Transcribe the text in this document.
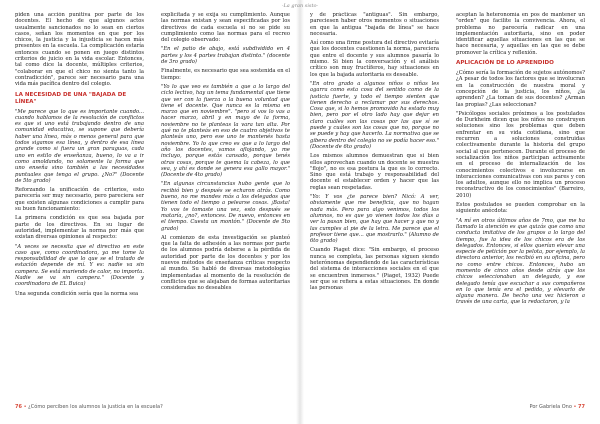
-La gran sisto-

piden una acción punitiva por parte de los docentes. El hecho de que algunos actos usualmente sancionados no lo sean en ciertos casos, señan los momentos en que por los chicos, la justicia y la injusticia se hacen más presentes en la escuela. La complicación estaría entonces cuando se ponen en juego distintos criterios de juicio en la vida escolar. Entonces, tal como dice la docente, múltiples criterios, "colaborar en que el chico no sienta tanto la contradicción", parece ser necesario para una vida más pacífica dentro del colegio.

LA NECESIDAD DE UNA "BAJADA DE LÍNEA"

"Me parece que lo que es importante cuando... cuando hablamos de la resolución de conflictos es que si uno está trabajando dentro de una comunidad educativa, se supone que debería haber una línea, más o menos general para que todos sigamos esa línea, y dentro de esa línea grande como si fuera un gran paraguas, cada uno en estilo de enseñanza, bueno, lo va a ir como amoldando, no solamente la forma que uno enseña sino también a las necesidades puntuales que tenga el grupo. ¿No?" (Docente de 5to grado)

Reforzando la unificación de criterios, esto parecería ser muy necesario, pero pareciera ser que existen algunas condiciones a cumplir para su buen funcionamiento:

La primera condición es que sea bajada por parte de los directivos. En su lugar de autoridad, implementar la norma por más que existan diversas opiniones al respecto:

"A veces se necesita que el directivo en este caso que, como coordinadora, ya me tome la responsabilidad de que lo que se el tratado de estación depende de mí. Y es: nadie va sin campera. Se está muriendo de calor, no importa. Nadie se va sin campera." (Docente y coordinadora de EL Buica)

Una segunda condición sería que la norma sea

explicitada y se exija su cumplimiento. Aunque las normas existan y sean especificadas por los directivos de cada escuela si no se pide su cumplimiento como las normas para el recreo del colegio observado:

"En el patio de abajo, está subdividido en 4 partes y los 4 partes trabajan distinto." (docente de 3ro grado)

Finalmente, es necesario que sea sostenida en el tiempo:

"Yo lo que veo es también a que a lo largo del ciclo lectivo, hay un tema fundamental que tiene que ver con la fuerza o la buena voluntad que tiene el docente. Que nunca es la misma en marzo que en noviembre". "pero si vos lo vas a hacer marzo, abril y en mayo de la forma, noviembre no te planteas la vara tan alta. Por qué no te planteás en eso de cuatro objetivos te planteás uno, pero ese uno te mantenés hasta noviembre. Yo lo que creo es que a lo largo del año los docentes, vamos aflojando, yo me incluyo, porque estás cansado, porque tenés otras cosas, porque te quema la cabeza, lo que sea, y ahí es donde se genera esa gallo mayor." (Docente de 4to grado)

"En algunas circunstancias hubo gente que lo recibió bien y después se echaron atrás. Como bueno, no me mandes más a los delegados que tienen todo el tiempo a pelearse cosas. ¡Basta! Yo vos te tomaste una vez, esto después se mataría, ¿no?, entonces. De nuevo, entonces en el tiempo. Cuesta un montón." (Docente de 5to grado)

Al comienzo de esta investigación se planteó que la falta de adhesión a las normas por parte de los alumnos podría deberse a la pérdida de autoridad por parte de los docentes y por los nuevos métodos de enseñanza críticas respecto al mundo. Su habló de diversas metodologías implementadas al momento de la resolución de conflictos que se alejaban de formas autoritarias consideradas no deseables

y de prácticas "antiguas". Sin embargo, pareciesen haber otros momentos o situaciones en que la antigua "bajada de línea" se hace necesaria.

Así como una firme postura del directivo evitaría que los docentes cuestionen la norma, pareciera que entre el docente y sus alumnos pasaría lo mismo. Si bien la conversación y el análisis crítico son muy fructíferos, hay situaciones en los que la bajada autoritaria es deseable.

"En otro grado a algunos niños o niñas les agarra como esta cosa del sentido como de la justicia fuerte, y todo el tiempo sienten que tienen derecho a reclamar por sus derechos. Cosa que, si lo hemos promovido ha estado muy bien, pero por el otro lado hay que dejar en claro cuáles son las cosas por las que sí se puede y cuáles son las cosas que no, porque no se puede y hay que hacerlo. La normativa que se gibera dentro del colegio no se podía hacer eso." (Docente de 6to grado)

Los mismos alumnos demuestran que si bien ellos aprovechan cuando un docente se muestra "flojo", no es esa postura la que es lo correcto. Sino que está trabajo y responsabilidad del docente el establecer orden y hacer que las reglas sean respetadas.

"Yo: Y vos ¿te parece bien? Nicó: A ver, obviamente que me beneficia, que no hagan nada más. Pero para algo venimos, todos los alumnos, no es que yo vienen todos los días a ver la pasan bien, que hay que hacer y que no y las cumples al pie de la letra. Me parece que el profesor tiene que... que mostrarlo." (Alumno de 6to grado)

Cuando Piaget dice: "Sin embargo, el proceso nunca se completa, las personas siguen siendo heterónomas dependiendo de las características del sistema de interacciones sociales en el que se encuentren inmersos." (Piaget, 1932) Puede ser que se refiera a estas situaciones. En donde las personas

aceptan la heteronomía en pos de mantener un "orden" que facilite la convivencia. Ahora, el problema no parecería radicar en una implementación autoritaria, sino en poder identificar aquellas situaciones en las que se hace necesaria, y aquellas en las que se debe promover la crítica y reflexión.

APLICACIÓN DE LO APRENDIDO

¿Cómo sería la formación de sujetos autónomos? ¿A pesar de todos los factores que se involucran en la construcción de nuestra moral y concepción de la justicia, los niños, ¿la aprenden? ¿La toman de sus docentes? ¿Arman las propias? ¿Las seleccionan?

"Psicólogos sociales próximos a los postulados de Durkheim dicen que los niños no construyen soluciones sino los problemas que deben enfrentar en su vida cotidiana, sino que recurren a soluciones construidas colectivamente durante la historia del grupo social al que pertenecen. Durante el proceso de socialización los niños participan activamente en el proceso de internalización de los conocimientos colectivos e involucrarse en interacciones comunicativas con sus pares y con los adultos, aunque ello no implica un proceso reconstructivo de los conocimientos" (Barreiro, 2010)

Estos postulados se pueden comprobar en la siguiente anécdota:

"A mí en otros últimos años de 7mo, que me ha llamado la atención es que quizás que como una conducta imitativa de los grupos a lo largo del tiempo, fue la idea de los chicos era de los delegados. Entonces, si ellos querían elevar una especie de petición por la pelota, por ejemplo, la directora anterior, los recibió en su oficina, pero no como entre chicos. Entonces, hubo un momento de cinco años desde atrás que los chicos seleccionaban un delegado, y ese delegado tenía que escuchar a sus compañeros en lo que tenía era el pedido, y elevarlo de alguna manera. De hecho una vez hicieron a través de una carta, que la redactaron, y la

76 • ¿Cómo perciben los alumnos la justicia en la escuela?	Por Gabriela Ono • 77
